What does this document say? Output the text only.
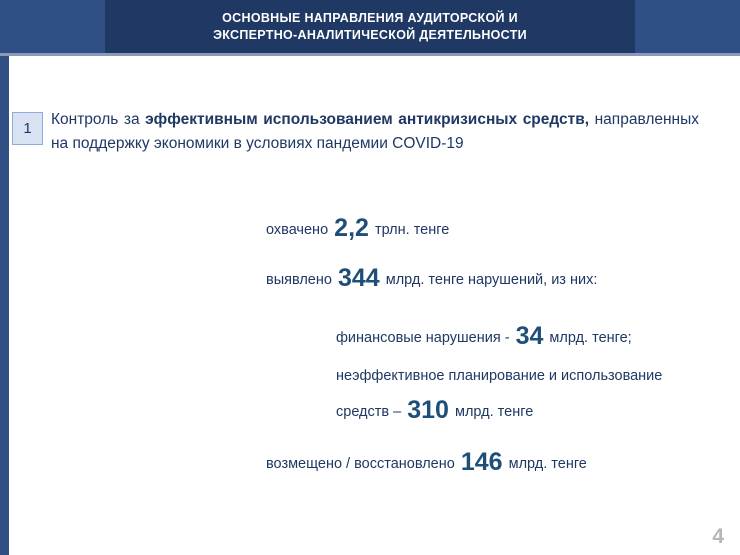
ОСНОВНЫЕ НАПРАВЛЕНИЯ АУДИТОРСКОЙ И
ЭКСПЕРТНО-АНАЛИТИЧЕСКОЙ ДЕЯТЕЛЬНОСТИ
1
Контроль за эффективным использованием антикризисных средств, направленных на поддержку экономики в условиях пандемии COVID-19
охвачено 2,2 трлн. тенге
выявлено 344 млрд. тенге нарушений, из них:
финансовые нарушения - 34 млрд. тенге;
неэффективное планирование и использование
средств – 310 млрд. тенге
возмещено / восстановлено 146 млрд. тенге
4
